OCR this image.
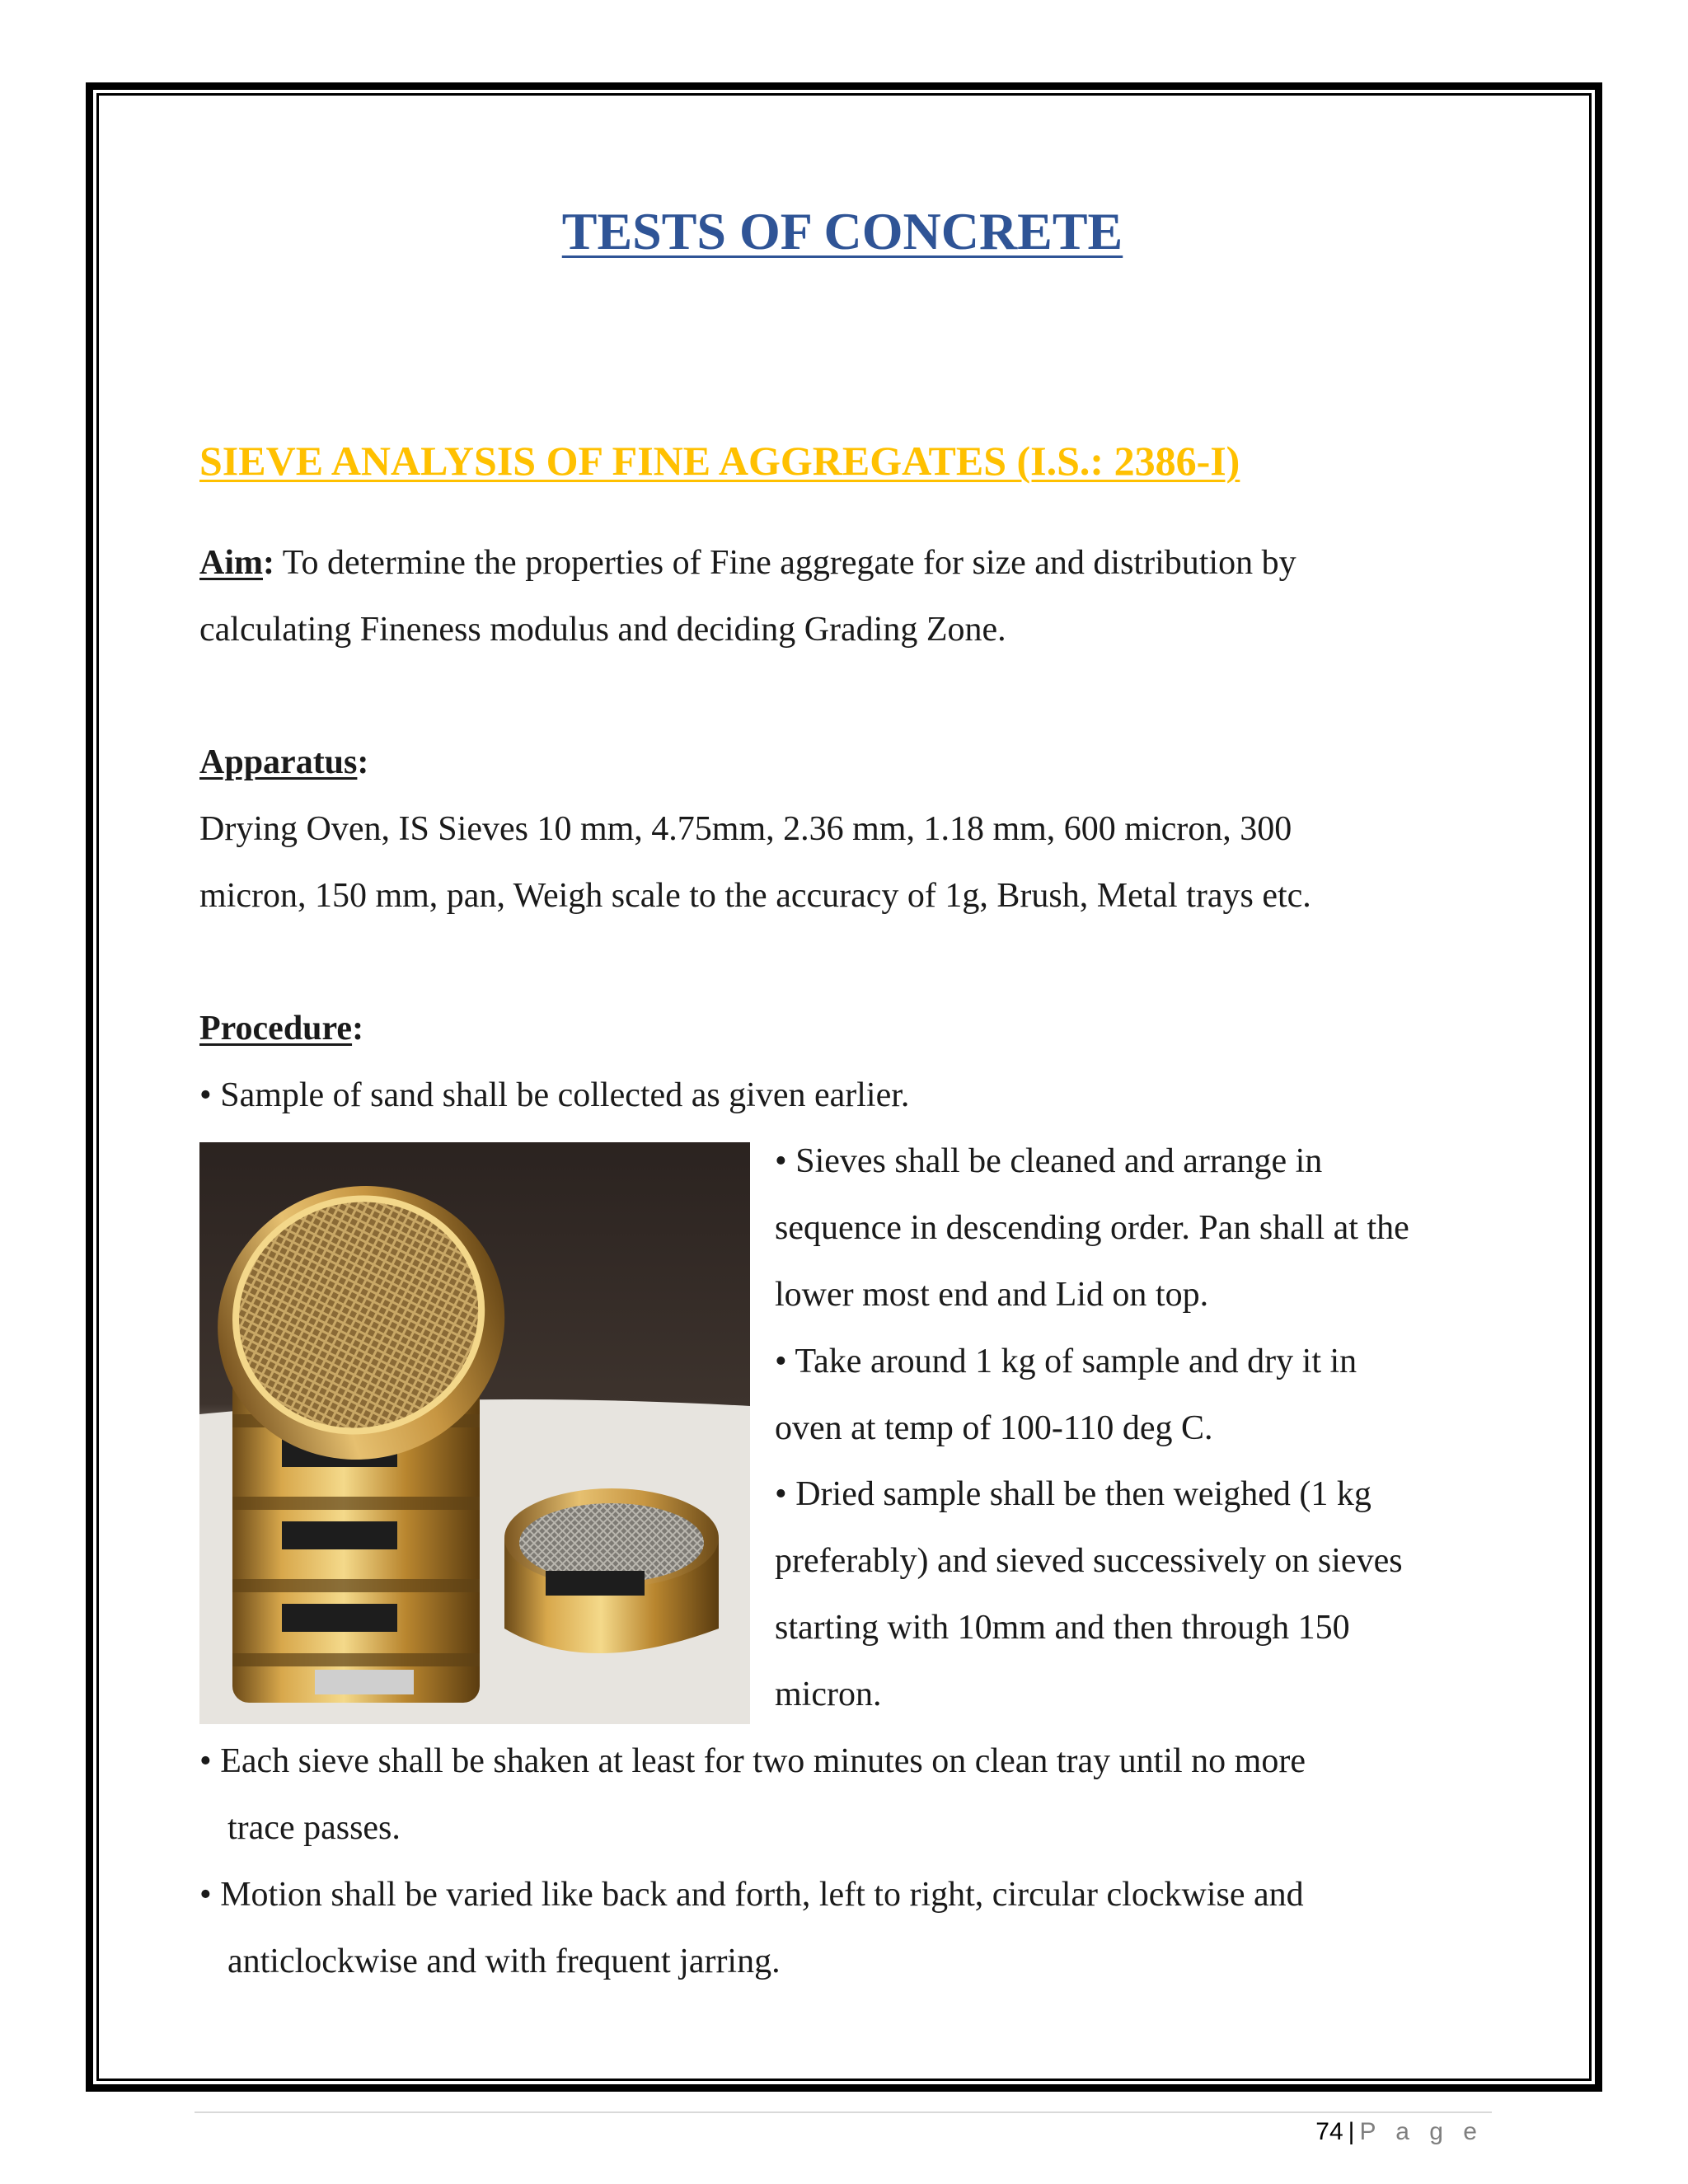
TESTS OF CONCRETE
SIEVE ANALYSIS OF FINE AGGREGATES (I.S.: 2386-I)
Aim: To determine the properties of Fine aggregate for size and distribution by
calculating Fineness modulus and deciding Grading Zone.
Apparatus:
Drying Oven, IS Sieves 10 mm, 4.75mm, 2.36 mm, 1.18 mm, 600 micron, 300
micron, 150 mm, pan, Weigh scale to the accuracy of 1g, Brush, Metal trays etc.
Procedure:
• Sample of sand shall be collected as given earlier.
• Sieves shall be cleaned and arrange in
sequence in descending order. Pan shall at the
lower most end and Lid on top.
• Take around 1 kg of sample and dry it in
oven at temp of 100-110 deg C.
• Dried sample shall be then weighed (1 kg
preferably) and sieved successively on sieves
starting with 10mm and then through 150
micron.
• Each sieve shall be shaken at least for two minutes on clean tray until no more
trace passes.
• Motion shall be varied like back and forth, left to right, circular clockwise and
anticlockwise and with frequent jarring.
74 | P a g e
